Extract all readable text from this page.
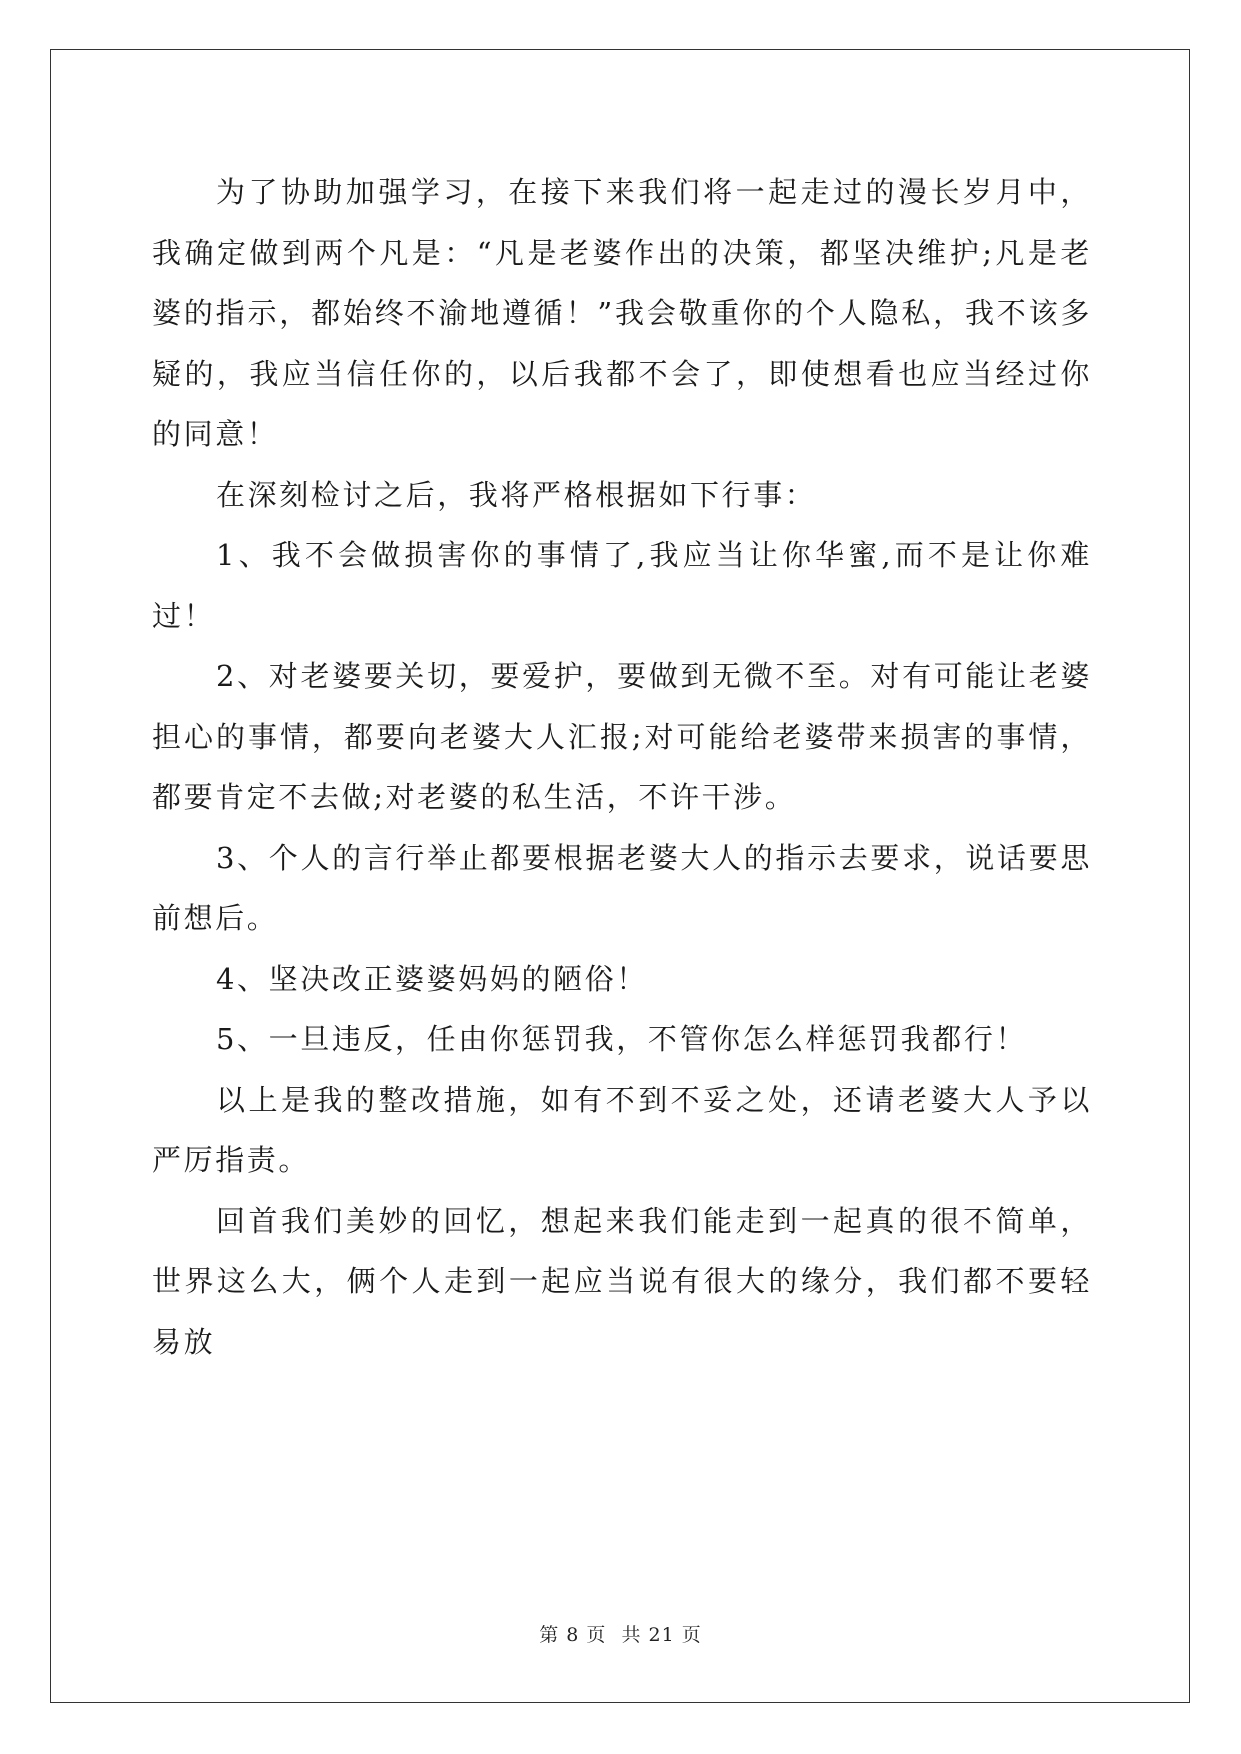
为了协助加强学习，在接下来我们将一起走过的漫长岁月中，我确定做到两个凡是：“凡是老婆作出的决策，都坚决维护;凡是老婆的指示，都始终不渝地遵循！”我会敬重你的个人隐私，我不该多疑的，我应当信任你的，以后我都不会了，即使想看也应当经过你的同意！

在深刻检讨之后，我将严格根据如下行事：

1、我不会做损害你的事情了,我应当让你华蜜,而不是让你难过！

2、对老婆要关切，要爱护，要做到无微不至。对有可能让老婆担心的事情，都要向老婆大人汇报;对可能给老婆带来损害的事情，都要肯定不去做;对老婆的私生活，不许干涉。

3、个人的言行举止都要根据老婆大人的指示去要求，说话要思前想后。

4、坚决改正婆婆妈妈的陋俗！

5、一旦违反，任由你惩罚我，不管你怎么样惩罚我都行！

以上是我的整改措施，如有不到不妥之处，还请老婆大人予以严厉指责。

回首我们美妙的回忆，想起来我们能走到一起真的很不简单，世界这么大，俩个人走到一起应当说有很大的缘分，我们都不要轻易放

第 8 页 共 21 页
